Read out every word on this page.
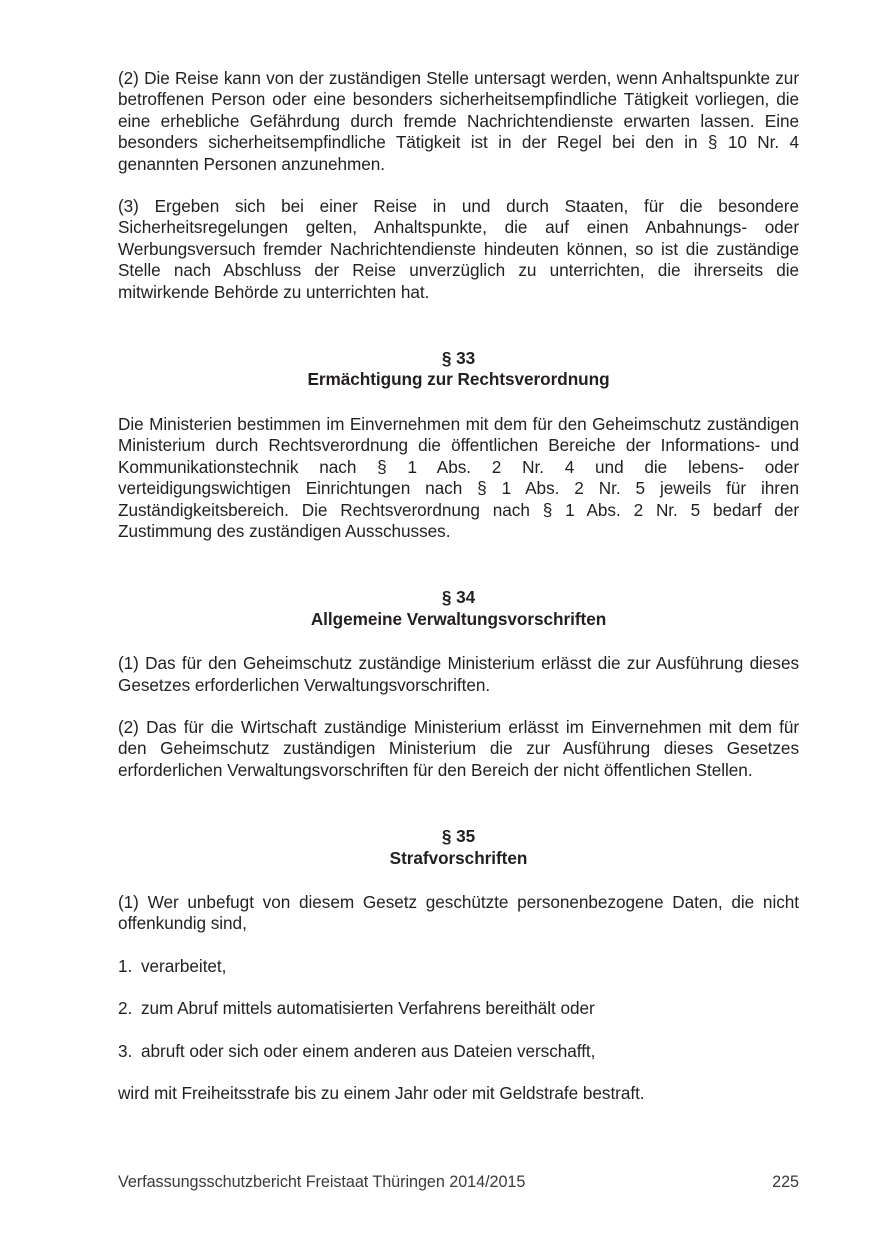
(2) Die Reise kann von der zuständigen Stelle untersagt werden, wenn Anhaltspunkte zur betroffenen Person oder eine besonders sicherheitsempfindliche Tätigkeit vorliegen, die eine erhebliche Gefährdung durch fremde Nachrichtendienste erwarten lassen. Eine besonders sicherheitsempfindliche Tätigkeit ist in der Regel bei den in § 10 Nr. 4 genannten Personen anzunehmen.

(3) Ergeben sich bei einer Reise in und durch Staaten, für die besondere Sicherheitsregelungen gelten, Anhaltspunkte, die auf einen Anbahnungs- oder Werbungsversuch fremder Nachrichtendienste hindeuten können, so ist die zuständige Stelle nach Abschluss der Reise unverzüglich zu unterrichten, die ihrerseits die mitwirkende Behörde zu unterrichten hat.

§ 33
Ermächtigung zur Rechtsverordnung

Die Ministerien bestimmen im Einvernehmen mit dem für den Geheimschutz zuständigen Ministerium durch Rechtsverordnung die öffentlichen Bereiche der Informations- und Kommunikationstechnik nach § 1 Abs. 2 Nr. 4 und die lebens- oder verteidigungswichtigen Einrichtungen nach § 1 Abs. 2 Nr. 5 jeweils für ihren Zuständigkeitsbereich. Die Rechtsverordnung nach § 1 Abs. 2 Nr. 5 bedarf der Zustimmung des zuständigen Ausschusses.

§ 34
Allgemeine Verwaltungsvorschriften

(1) Das für den Geheimschutz zuständige Ministerium erlässt die zur Ausführung dieses Gesetzes erforderlichen Verwaltungsvorschriften.

(2) Das für die Wirtschaft zuständige Ministerium erlässt im Einvernehmen mit dem für den Geheimschutz zuständigen Ministerium die zur Ausführung dieses Gesetzes erforderlichen Verwaltungsvorschriften für den Bereich der nicht öffentlichen Stellen.

§ 35
Strafvorschriften

(1) Wer unbefugt von diesem Gesetz geschützte personenbezogene Daten, die nicht offenkundig sind,

1. verarbeitet,
2. zum Abruf mittels automatisierten Verfahrens bereithält oder
3. abruft oder sich oder einem anderen aus Dateien verschafft,

wird mit Freiheitsstrafe bis zu einem Jahr oder mit Geldstrafe bestraft.

Verfassungsschutzbericht Freistaat Thüringen 2014/2015	225
